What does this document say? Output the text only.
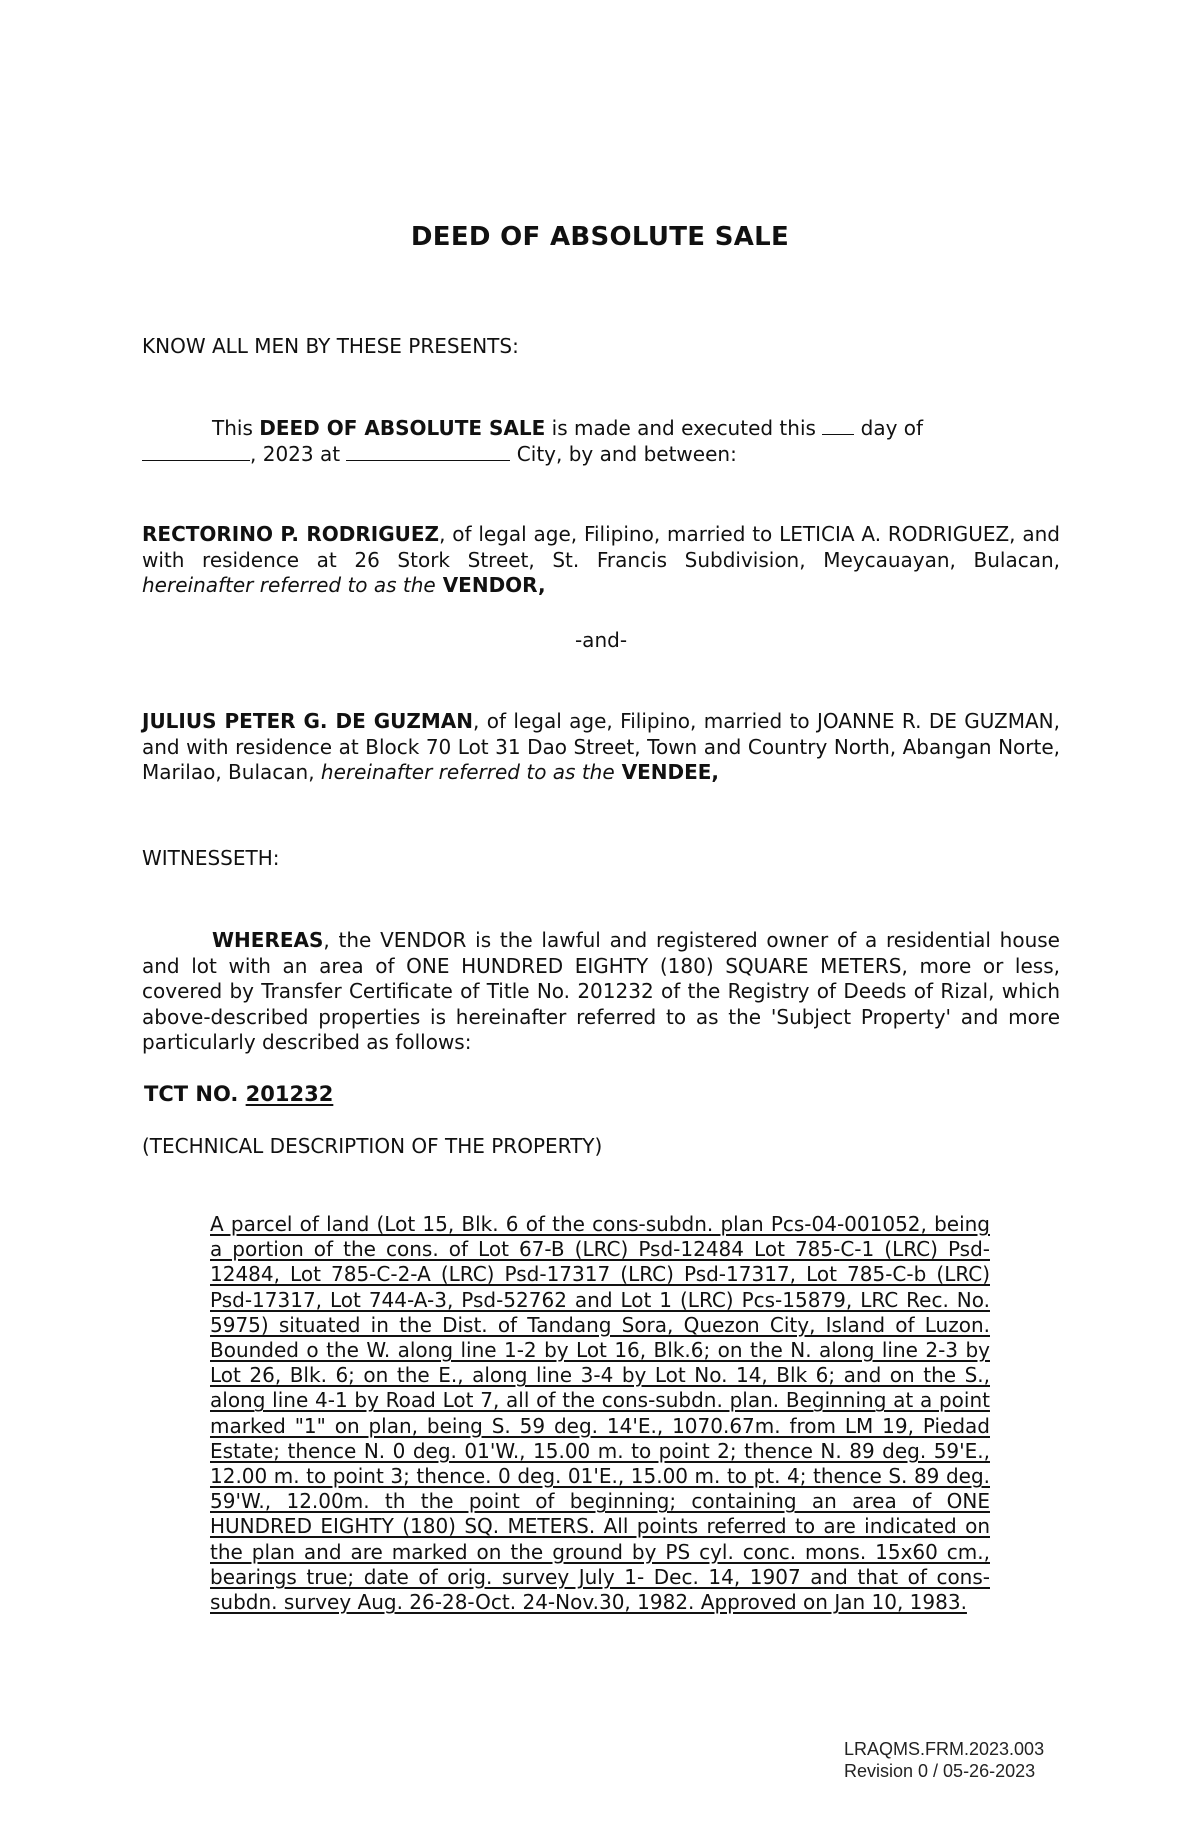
DEED OF ABSOLUTE SALE
KNOW ALL MEN BY THESE PRESENTS:
This DEED OF ABSOLUTE SALE is made and executed this  day of
, 2023 at	City, by and between:
RECTORINO P. RODRIGUEZ, of legal age, Filipino, married to LETICIA A. RODRIGUEZ, and with residence at 26 Stork Street, St. Francis Subdivision, Meycauayan, Bulacan, hereinafter referred to as the VENDOR,
-and-
JULIUS PETER G. DE GUZMAN, of legal age, Filipino, married to JOANNE R. DE GUZMAN, and with residence at Block 70 Lot 31 Dao Street, Town and Country North, Abangan Norte, Marilao, Bulacan, hereinafter referred to as the VENDEE,
WITNESSETH:
WHEREAS, the VENDOR is the lawful and registered owner of a residential house and lot with an area of ONE HUNDRED EIGHTY (180) SQUARE METERS, more or less, covered by Transfer Certificate of Title No. 201232 of the Registry of Deeds of Rizal, which above-described properties is hereinafter referred to as the 'Subject Property' and more particularly described as follows:
TCT NO. 201232
(TECHNICAL DESCRIPTION OF THE PROPERTY)
A parcel of land (Lot 15, Blk. 6 of the cons-subdn. plan Pcs-04-001052, being a portion of the cons. of Lot 67-B (LRC) Psd-12484 Lot 785-C-1 (LRC) Psd-12484, Lot 785-C-2-A (LRC) Psd-17317 (LRC) Psd-17317, Lot 785-C-b (LRC) Psd-17317, Lot 744-A-3, Psd-52762 and Lot 1 (LRC) Pcs-15879, LRC Rec. No. 5975) situated in the Dist. of Tandang Sora, Quezon City, Island of Luzon. Bounded o the W. along line 1-2 by Lot 16, Blk.6; on the N. along line 2-3 by Lot 26, Blk. 6; on the E., along line 3-4 by Lot No. 14, Blk 6; and on the S., along line 4-1 by Road Lot 7, all of the cons-subdn. plan. Beginning at a point marked "1" on plan, being S. 59 deg. 14'E., 1070.67m. from LM 19, Piedad Estate; thence N. 0 deg. 01'W., 15.00 m. to point 2; thence N. 89 deg. 59'E., 12.00 m. to point 3; thence. 0 deg. 01'E., 15.00 m. to pt. 4; thence S. 89 deg. 59'W., 12.00m. th the point of beginning; containing an area of ONE HUNDRED EIGHTY (180) SQ. METERS. All points referred to are indicated on the plan and are marked on the ground by PS cyl. conc. mons. 15x60 cm., bearings true; date of orig. survey July 1- Dec. 14, 1907 and that of cons-subdn. survey Aug. 26-28-Oct. 24-Nov.30, 1982. Approved on Jan 10, 1983.
LRAQMS.FRM.2023.003
Revision 0 / 05-26-2023
